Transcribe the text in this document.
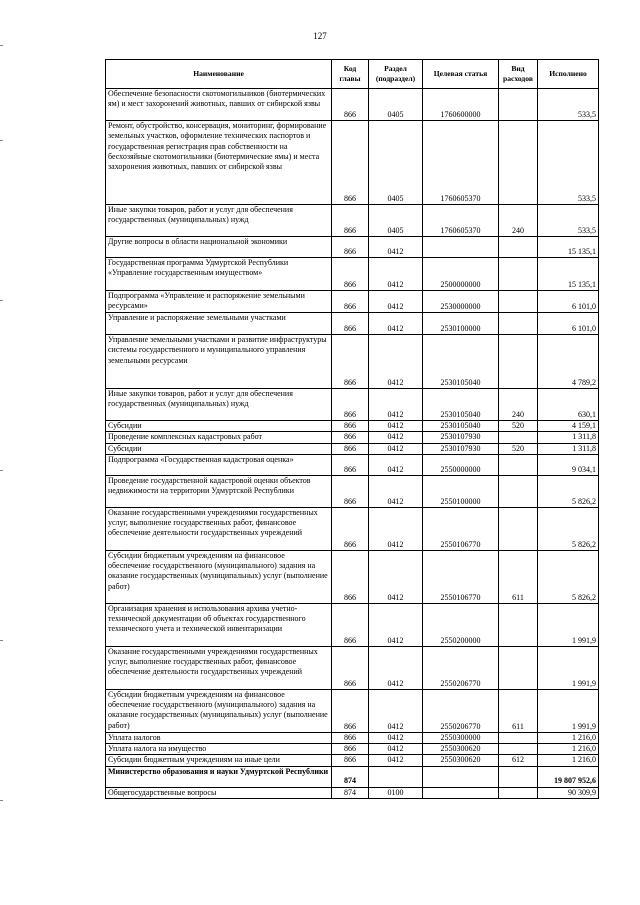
127
Наименование	Код главы	Раздел (подраздел)	Целевая статья	Вид расходов	Исполнено
Обеспечение безопасности скотомогильников (биотермических ям) и мест захоронений животных, павших от сибирской язвы	866	0405	1760600000		533,5
Ремонт, обустройство, консервация, мониторинг, формирование земельных участков, оформление технических паспортов и государственная регистрация прав собственности на бесхозяйные скотомогильники (биотермические ямы) и места захоронения животных, павших от сибирской язвы	866	0405	1760605370		533,5
Иные закупки товаров, работ и услуг для обеспечения государственных (муниципальных) нужд	866	0405	1760605370	240	533,5
Другие вопросы в области национальной экономики	866	0412			15 135,1
Государственная программа Удмуртской Республики «Управление государственным имуществом»	866	0412	2500000000		15 135,1
Подпрограмма «Управление и распоряжение земельными ресурсами»	866	0412	2530000000		6 101,0
Управление и распоряжение земельными участками	866	0412	2530100000		6 101,0
Управление земельными участками и развитие инфраструктуры системы государственного и муниципального управления земельными ресурсами	866	0412	2530105040		4 789,2
Иные закупки товаров, работ и услуг для обеспечения государственных (муниципальных) нужд	866	0412	2530105040	240	630,1
Субсидии	866	0412	2530105040	520	4 159,1
Проведение комплексных кадастровых работ	866	0412	2530107930		1 311,8
Субсидии	866	0412	2530107930	520	1 311,8
Подпрограмма «Государственная кадастровая оценка»	866	0412	2550000000		9 034,1
Проведение государственной кадастровой оценки объектов недвижимости на территории Удмуртской Республики	866	0412	2550100000		5 826,2
Оказание государственными учреждениями государственных услуг, выполнение государственных работ, финансовое обеспечение деятельности государственных учреждений	866	0412	2550106770		5 826,2
Субсидии бюджетным учреждениям на финансовое обеспечение государственного (муниципального) задания на оказание государственных (муниципальных) услуг (выполнение работ)	866	0412	2550106770	611	5 826,2
Организация хранения и использования архива учетно-технической документации об объектах государственного технического учета и технической инвентаризации	866	0412	2550200000		1 991,9
Оказание государственными учреждениями государственных услуг, выполнение государственных работ, финансовое обеспечение деятельности государственных учреждений	866	0412	2550206770		1 991,9
Субсидии бюджетным учреждениям на финансовое обеспечение государственного (муниципального) задания на оказание государственных (муниципальных) услуг (выполнение работ)	866	0412	2550206770	611	1 991,9
Уплата налогов	866	0412	2550300000		1 216,0
Уплата налога на имущество	866	0412	2550300620		1 216,0
Субсидии бюджетным учреждениям на иные цели	866	0412	2550300620	612	1 216,0
Министерство образования и науки Удмуртской Республики	874				19 807 952,6
Общегосударственные вопросы	874	0100			90 309,9
